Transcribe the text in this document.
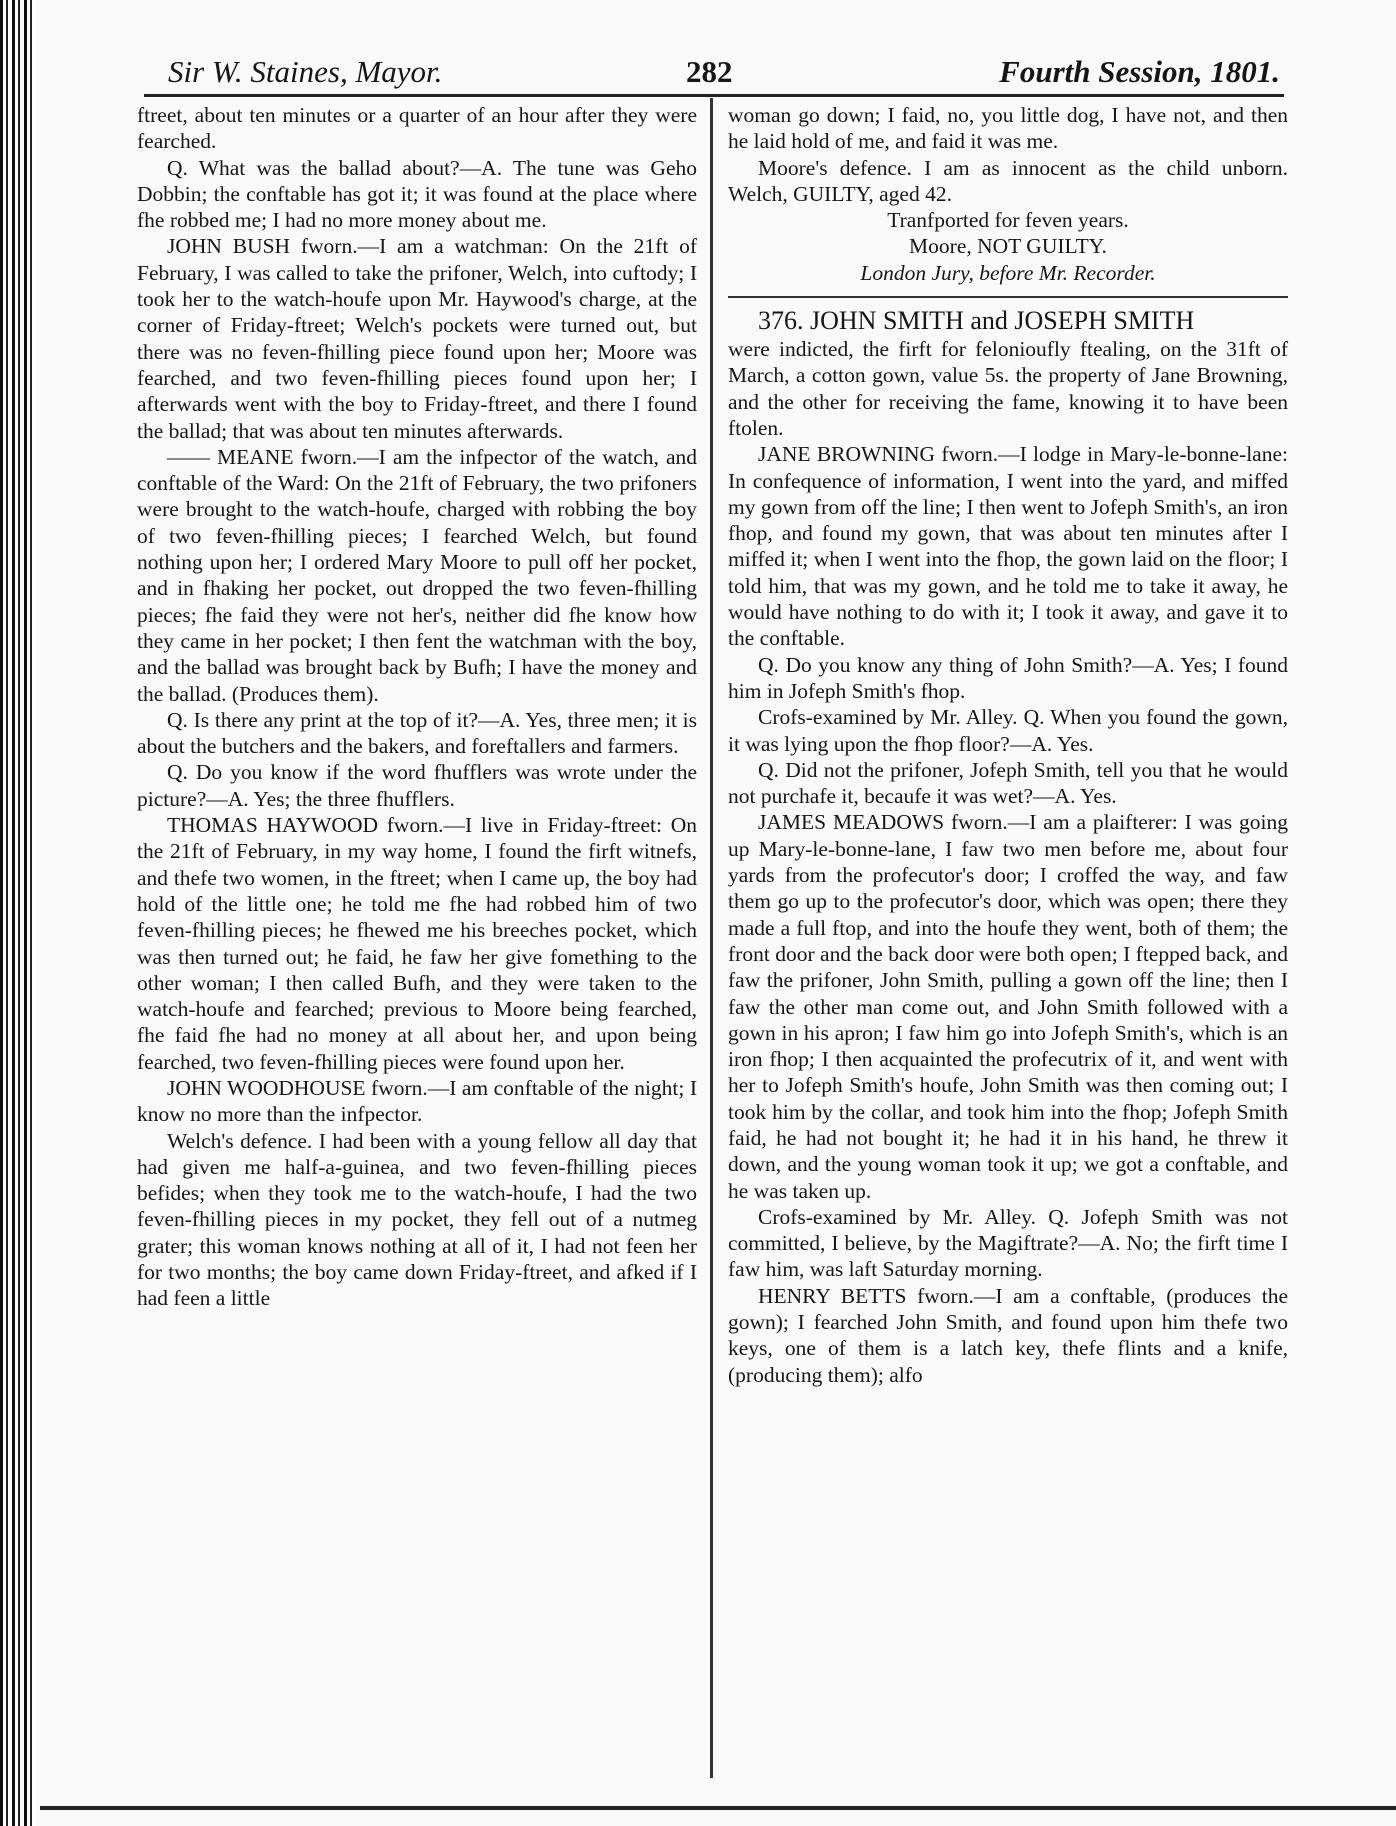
Sir W. Staines, Mayor.	282	Fourth Session, 1801.

ftreet, about ten minutes or a quarter of an hour after they were fearched.

Q. What was the ballad about?—A. The tune was Geho Dobbin; the conftable has got it; it was found at the place where fhe robbed me; I had no more money about me.

JOHN BUSH fworn.—I am a watchman: On the 21ft of February, I was called to take the prifoner, Welch, into cuftody; I took her to the watch-houfe upon Mr. Haywood's charge, at the corner of Friday-ftreet; Welch's pockets were turned out, but there was no feven-fhilling piece found upon her; Moore was fearched, and two feven-fhilling pieces found upon her; I afterwards went with the boy to Friday-ftreet, and there I found the ballad; that was about ten minutes afterwards.

—— MEANE fworn.—I am the infpector of the watch, and conftable of the Ward: On the 21ft of February, the two prifoners were brought to the watch-houfe, charged with robbing the boy of two feven-fhilling pieces; I fearched Welch, but found nothing upon her; I ordered Mary Moore to pull off her pocket, and in fhaking her pocket, out dropped the two feven-fhilling pieces; fhe faid they were not her's, neither did fhe know how they came in her pocket; I then fent the watchman with the boy, and the ballad was brought back by Bufh; I have the money and the ballad. (Produces them).

Q. Is there any print at the top of it?—A. Yes, three men; it is about the butchers and the bakers, and foreftallers and farmers.

Q. Do you know if the word fhufflers was wrote under the picture?—A. Yes; the three fhufflers.

THOMAS HAYWOOD fworn.—I live in Friday-ftreet: On the 21ft of February, in my way home, I found the firft witnefs, and thefe two women, in the ftreet; when I came up, the boy had hold of the little one; he told me fhe had robbed him of two feven-fhilling pieces; he fhewed me his breeches pocket, which was then turned out; he faid, he faw her give fomething to the other woman; I then called Bufh, and they were taken to the watch-houfe and fearched; previous to Moore being fearched, fhe faid fhe had no money at all about her, and upon being fearched, two feven-fhilling pieces were found upon her.

JOHN WOODHOUSE fworn.—I am conftable of the night; I know no more than the infpector.

Welch's defence. I had been with a young fellow all day that had given me half-a-guinea, and two feven-fhilling pieces befides; when they took me to the watch-houfe, I had the two feven-fhilling pieces in my pocket, they fell out of a nutmeg grater; this woman knows nothing at all of it, I had not feen her for two months; the boy came down Friday-ftreet, and afked if I had feen a little

woman go down; I faid, no, you little dog, I have not, and then he laid hold of me, and faid it was me.

Moore's defence. I am as innocent as the child unborn. Welch, GUILTY, aged 42.

Tranfported for feven years.

Moore, NOT GUILTY.

London Jury, before Mr. Recorder.

376. JOHN SMITH and JOSEPH SMITH

were indicted, the firft for felonioufly ftealing, on the 31ft of March, a cotton gown, value 5s. the property of Jane Browning, and the other for receiving the fame, knowing it to have been ftolen.

JANE BROWNING fworn.—I lodge in Mary-le-bonne-lane: In confequence of information, I went into the yard, and miffed my gown from off the line; I then went to Jofeph Smith's, an iron fhop, and found my gown, that was about ten minutes after I miffed it; when I went into the fhop, the gown laid on the floor; I told him, that was my gown, and he told me to take it away, he would have nothing to do with it; I took it away, and gave it to the conftable.

Q. Do you know any thing of John Smith?—A. Yes; I found him in Jofeph Smith's fhop.

Crofs-examined by Mr. Alley. Q. When you found the gown, it was lying upon the fhop floor?—A. Yes.

Q. Did not the prifoner, Jofeph Smith, tell you that he would not purchafe it, becaufe it was wet?—A. Yes.

JAMES MEADOWS fworn.—I am a plaifterer: I was going up Mary-le-bonne-lane, I faw two men before me, about four yards from the profecutor's door; I croffed the way, and faw them go up to the profecutor's door, which was open; there they made a full ftop, and into the houfe they went, both of them; the front door and the back door were both open; I ftepped back, and faw the prifoner, John Smith, pulling a gown off the line; then I faw the other man come out, and John Smith followed with a gown in his apron; I faw him go into Jofeph Smith's, which is an iron fhop; I then acquainted the profecutrix of it, and went with her to Jofeph Smith's houfe, John Smith was then coming out; I took him by the collar, and took him into the fhop; Jofeph Smith faid, he had not bought it; he had it in his hand, he threw it down, and the young woman took it up; we got a conftable, and he was taken up.

Crofs-examined by Mr. Alley. Q. Jofeph Smith was not committed, I believe, by the Magiftrate?—A. No; the firft time I faw him, was laft Saturday morning.

HENRY BETTS fworn.—I am a conftable, (produces the gown); I fearched John Smith, and found upon him thefe two keys, one of them is a latch key, thefe flints and a knife, (producing them); alfo
